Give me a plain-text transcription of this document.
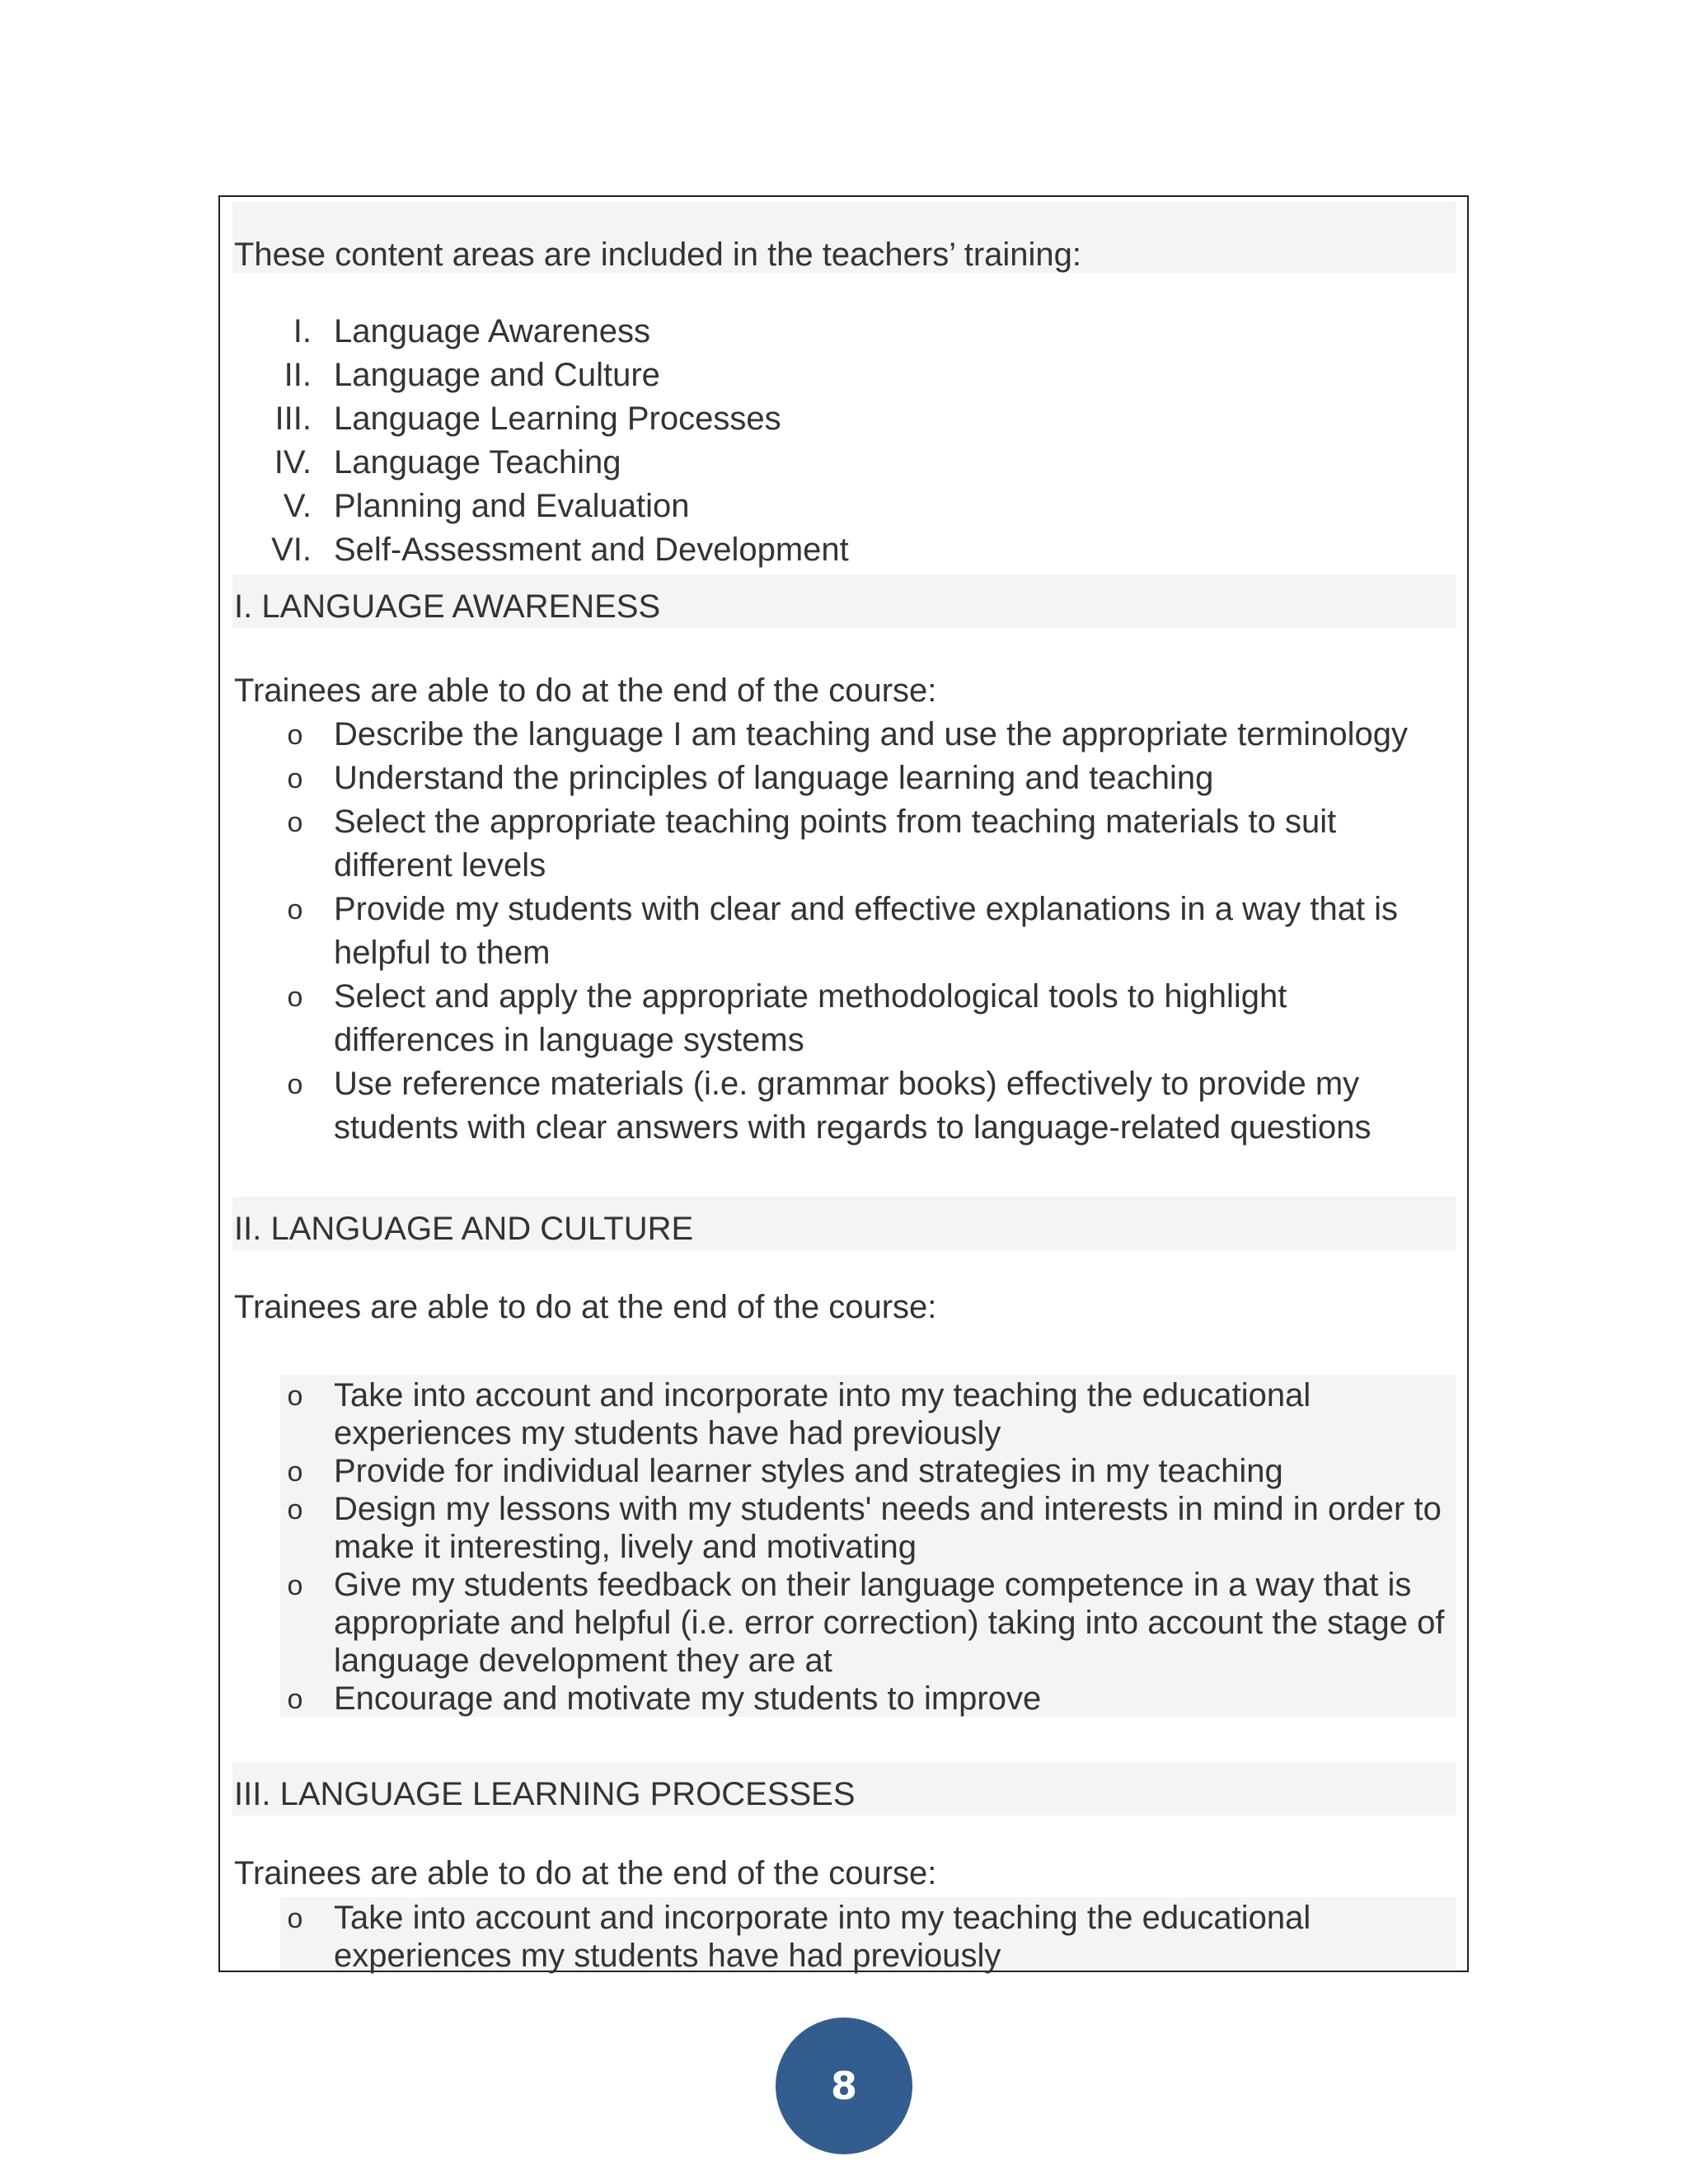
These content areas are included in the teachers’ training:
I. Language Awareness
II. Language and Culture
III. Language Learning Processes
IV. Language Teaching
V. Planning and Evaluation
VI. Self-Assessment and Development
I. LANGUAGE AWARENESS
Trainees are able to do at the end of the course:
o Describe the language I am teaching and use the appropriate terminology
o Understand the principles of language learning and teaching
o Select the appropriate teaching points from teaching materials to suit
different levels
o Provide my students with clear and effective explanations in a way that is
helpful to them
o Select and apply the appropriate methodological tools to highlight
differences in language systems
o Use reference materials (i.e. grammar books) effectively to provide my
students with clear answers with regards to language-related questions
II. LANGUAGE AND CULTURE
Trainees are able to do at the end of the course:
o Take into account and incorporate into my teaching the educational
experiences my students have had previously
o Provide for individual learner styles and strategies in my teaching
o Design my lessons with my students' needs and interests in mind in order to
make it interesting, lively and motivating
o Give my students feedback on their language competence in a way that is
appropriate and helpful (i.e. error correction) taking into account the stage of
language development they are at
o Encourage and motivate my students to improve
III. LANGUAGE LEARNING PROCESSES
Trainees are able to do at the end of the course:
o Take into account and incorporate into my teaching the educational
experiences my students have had previously
8
